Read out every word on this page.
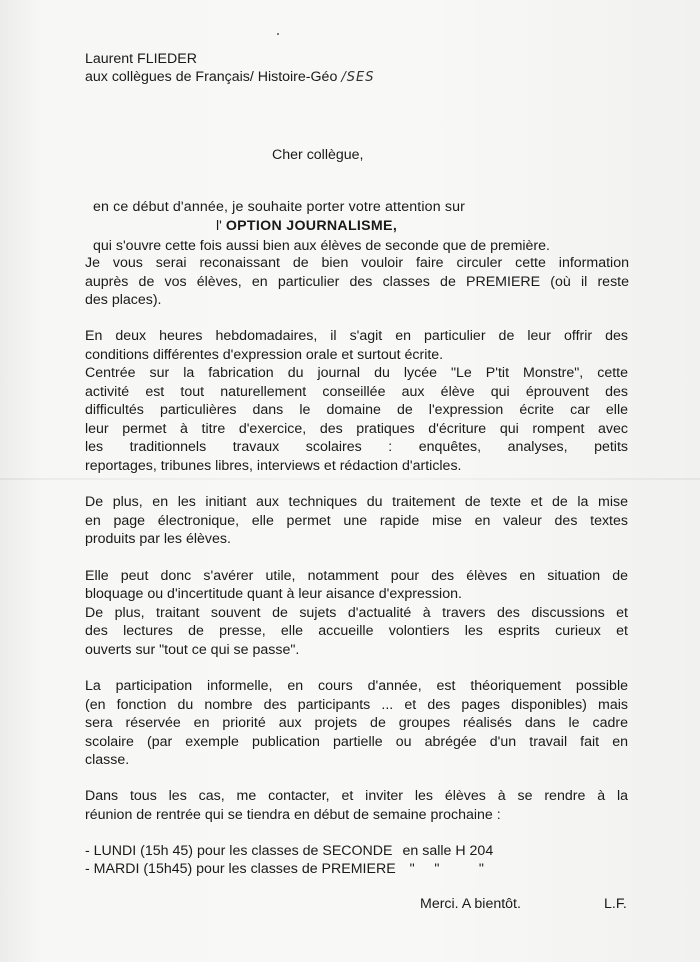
Laurent FLIEDER
aux collègues de Français/ Histoire-Géo /SES
Cher collègue,
en ce début d'année, je souhaite porter votre attention sur
l' OPTION JOURNALISME,
qui s'ouvre cette fois aussi bien aux élèves de seconde que de première.
Je vous serai reconaissant de bien vouloir faire circuler cette information
auprès de vos élèves, en particulier des classes de PREMIERE (où il reste
des places).
En deux heures hebdomadaires, il s'agit en particulier de leur offrir des
conditions différentes d'expression orale et surtout écrite.
Centrée sur la fabrication du journal du lycée "Le P'tit Monstre", cette
activité est tout naturellement conseillée aux élève qui éprouvent des
difficultés particulières dans le domaine de l'expression écrite car elle
leur permet à titre d'exercice, des pratiques d'écriture qui rompent avec
les traditionnels travaux scolaires : enquêtes, analyses, petits
reportages, tribunes libres, interviews et rédaction d'articles.
De plus, en les initiant aux techniques du traitement de texte et de la mise
en page électronique, elle permet une rapide mise en valeur des textes
produits par les élèves.
Elle peut donc s'avérer utile, notamment pour des élèves en situation de
bloquage ou d'incertitude quant à leur aisance d'expression.
De plus, traitant souvent de sujets d'actualité à travers des discussions et
des lectures de presse, elle accueille volontiers les esprits curieux et
ouverts sur "tout ce qui se passe".
La participation informelle, en cours d'année, est théoriquement possible
(en fonction du nombre des participants ... et des pages disponibles) mais
sera réservée en priorité aux projets de groupes réalisés dans le cadre
scolaire (par exemple publication partielle ou abrégée d'un travail fait en
classe.
Dans tous les cas, me contacter, et inviter les élèves à se rendre à la
réunion de rentrée qui se tiendra en début de semaine prochaine :
- LUNDI (15h 45) pour les classes de SECONDE en salle H 204
- MARDI (15h45) pour les classes de PREMIERE "     "          "
Merci. A bientôt.	L.F.
